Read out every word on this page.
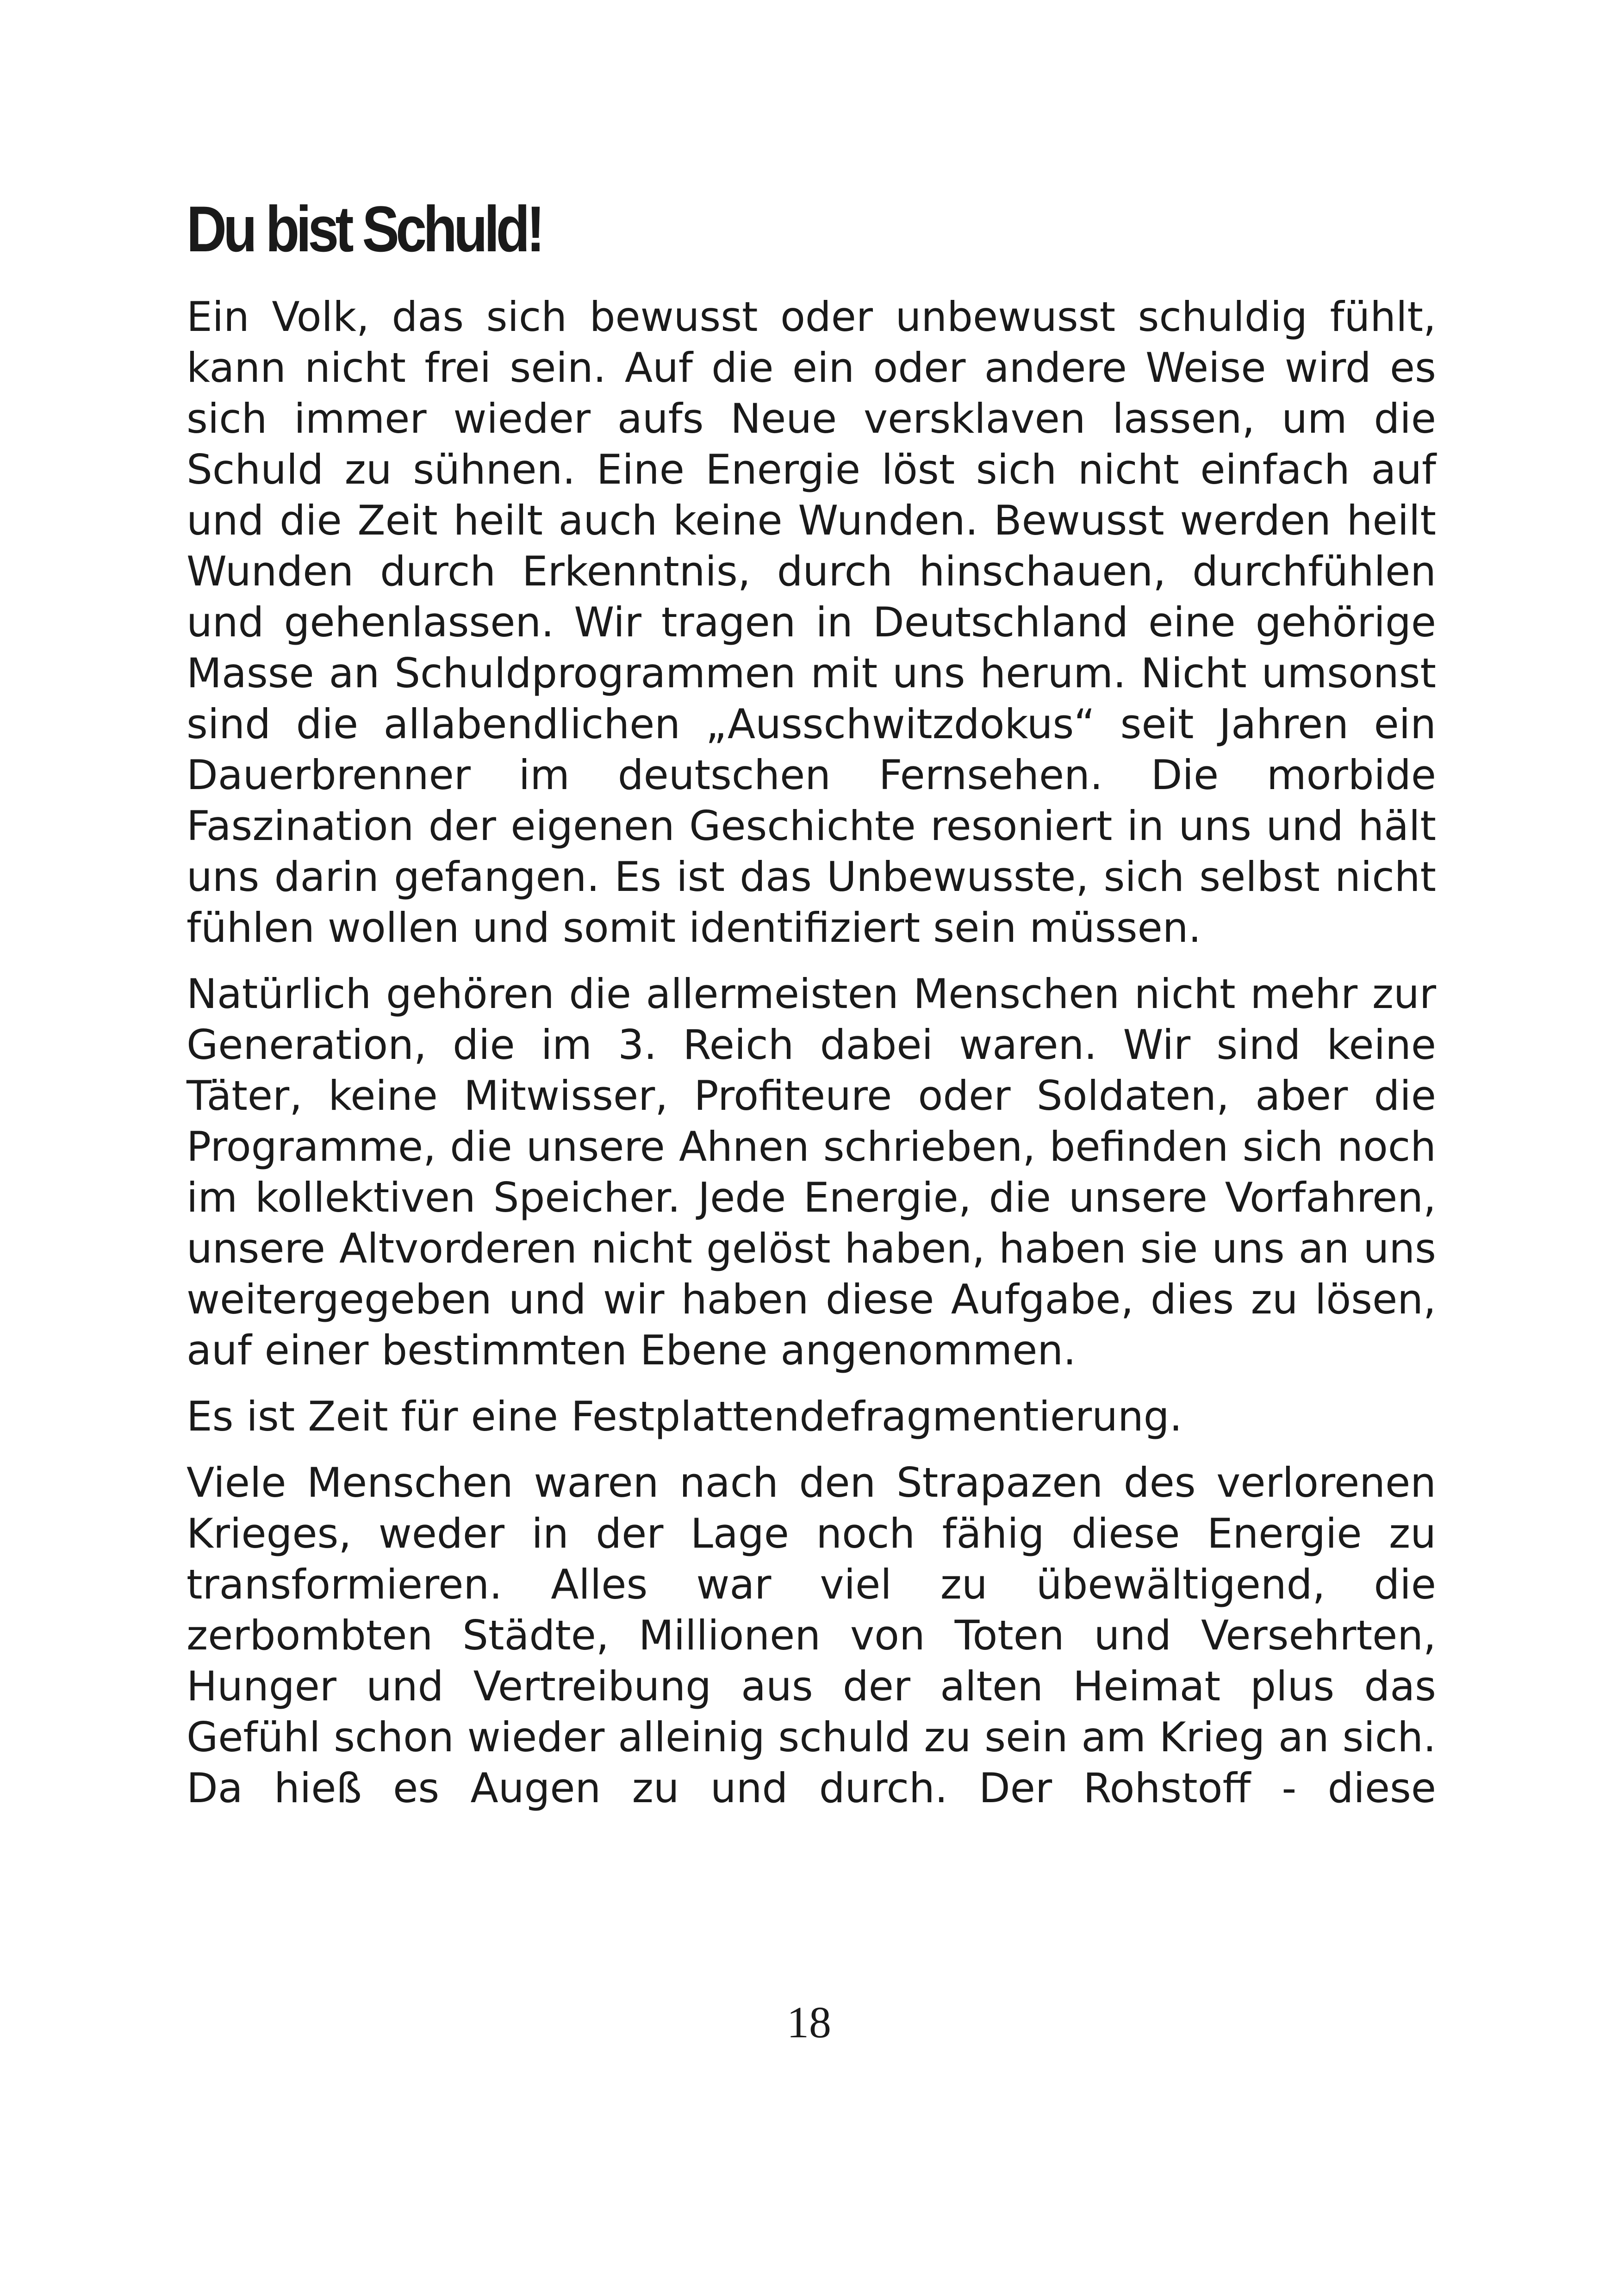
Du bist Schuld!

Ein Volk, das sich bewusst oder unbewusst schuldig fühlt, kann nicht frei sein. Auf die ein oder andere Weise wird es sich immer wieder aufs Neue versklaven lassen, um die Schuld zu sühnen. Eine Energie löst sich nicht einfach auf und die Zeit heilt auch keine Wunden. Bewusst werden heilt Wunden durch Erkenntnis, durch hinschauen, durchfühlen und gehenlassen. Wir tragen in Deutschland eine gehörige Masse an Schuldprogrammen mit uns herum. Nicht umsonst sind die allabendlichen „Ausschwitzdokus“ seit Jahren ein Dauerbrenner im deutschen Fernsehen. Die morbide Faszination der eigenen Geschichte resoniert in uns und hält uns darin gefangen. Es ist das Unbewusste, sich selbst nicht fühlen wollen und somit identifiziert sein müssen.

Natürlich gehören die allermeisten Menschen nicht mehr zur Generation, die im 3. Reich dabei waren. Wir sind keine Täter, keine Mitwisser, Profiteure oder Soldaten, aber die Programme, die unsere Ahnen schrieben, befinden sich noch im kollektiven Speicher. Jede Energie, die unsere Vorfahren, unsere Altvorderen nicht gelöst haben, haben sie uns an uns weitergegeben und wir haben diese Aufgabe, dies zu lösen, auf einer bestimmten Ebene angenommen.

Es ist Zeit für eine Festplattendefragmentierung.

Viele Menschen waren nach den Strapazen des verlorenen Krieges, weder in der Lage noch fähig diese Energie zu transformieren. Alles war viel zu übewältigend, die zerbombten Städte, Millionen von Toten und Versehrten, Hunger und Vertreibung aus der alten Heimat plus das Gefühl schon wieder alleinig schuld zu sein am Krieg an sich. Da hieß es Augen zu und durch. Der Rohstoff - diese

18
